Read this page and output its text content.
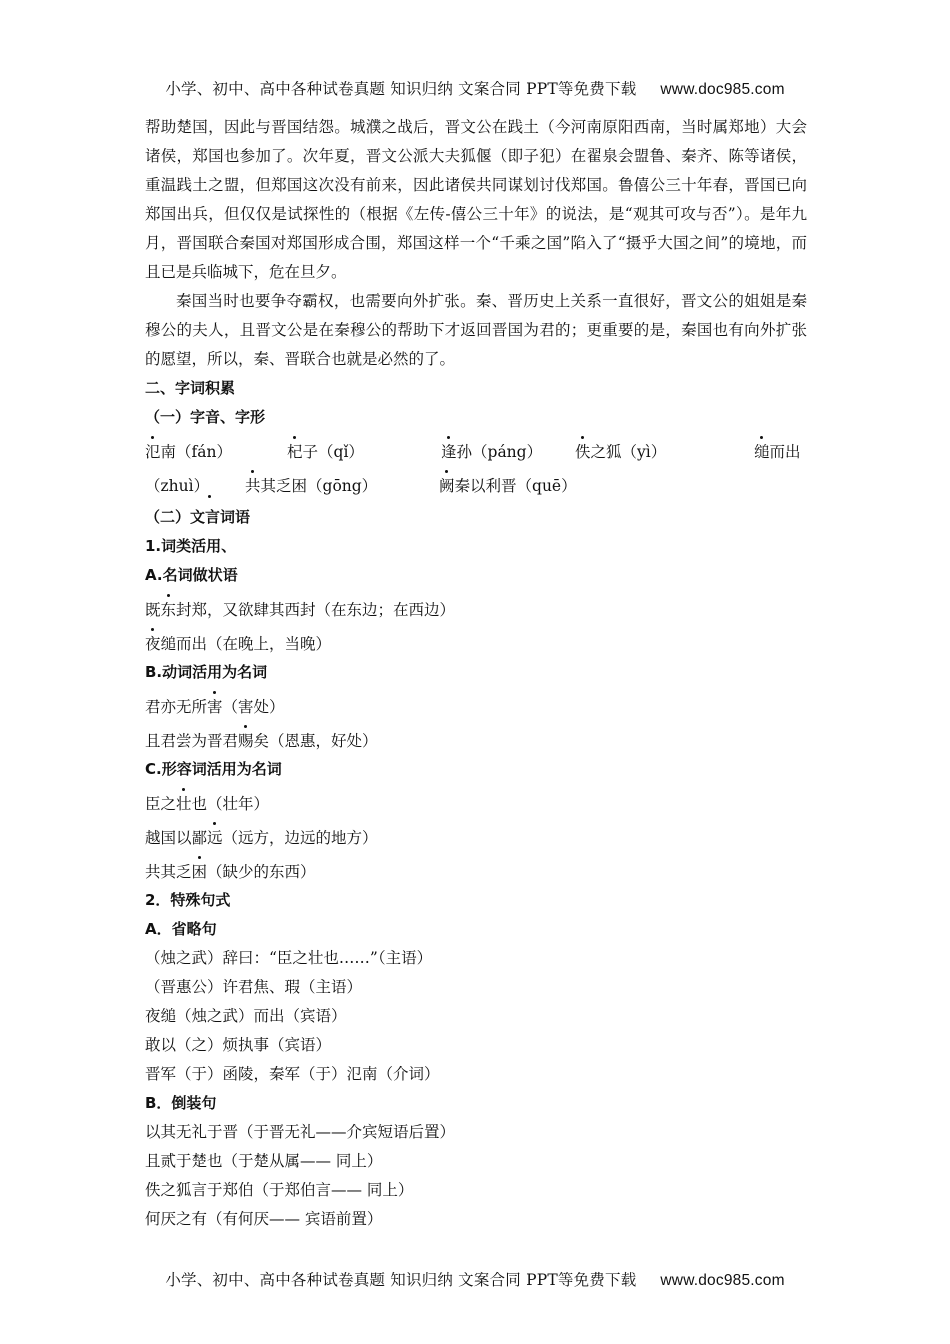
小学、初中、高中各种试卷真题 知识归纳 文案合同 PPT等免费下载 www.doc985.com

帮助楚国，因此与晋国结怨。城濮之战后，晋文公在践土（今河南原阳西南，当时属郑地）大会诸侯，郑国也参加了。次年夏，晋文公派大夫狐偃（即子犯）在翟泉会盟鲁、秦齐、陈等诸侯，重温践土之盟，但郑国这次没有前来，因此诸侯共同谋划讨伐郑国。鲁僖公三十年春，晋国已向郑国出兵，但仅仅是试探性的（根据《左传-僖公三十年》的说法，是“观其可攻与否”）。是年九月，晋国联合秦国对郑国形成合围，郑国这样一个“千乘之国”陷入了“摄乎大国之间”的境地，而且已是兵临城下，危在旦夕。

秦国当时也要争夺霸权，也需要向外扩张。秦、晋历史上关系一直很好，晋文公的姐姐是秦穆公的夫人，且晋文公是在秦穆公的帮助下才返回晋国为君的；更重要的是，秦国也有向外扩张的愿望，所以，秦、晋联合也就是必然的了。

二、字词积累

（一）字音、字形

氾南（fán）	杞子（qǐ）	逢孙（páng） 佚之狐（yì）	缒而出
（zhuì） 共其乏困（gōng）	阙秦以利晋（quē）

（二）文言词语

1.词类活用、

A.名词做状语

既东封郑，又欲肆其西封（在东边；在西边）

夜缒而出（在晚上，当晚）

B.动词活用为名词

君亦无所害（害处）

且君尝为晋君赐矣（恩惠，好处）

C.形容词活用为名词

臣之壮也（壮年）

越国以鄙远（远方，边远的地方）

共其乏困（缺少的东西）

2．特殊句式

A．省略句

（烛之武）辞曰：“臣之壮也……”（主语）

（晋惠公）许君焦、瑕（主语）

夜缒（烛之武）而出（宾语）

敢以（之）烦执事（宾语）

晋军（于）函陵，秦军（于）氾南（介词）

B．倒装句

以其无礼于晋（于晋无礼——介宾短语后置）

且贰于楚也（于楚从属—— 同上）

佚之狐言于郑伯（于郑伯言—— 同上）

何厌之有（有何厌—— 宾语前置）

小学、初中、高中各种试卷真题 知识归纳 文案合同 PPT等免费下载 www.doc985.com
